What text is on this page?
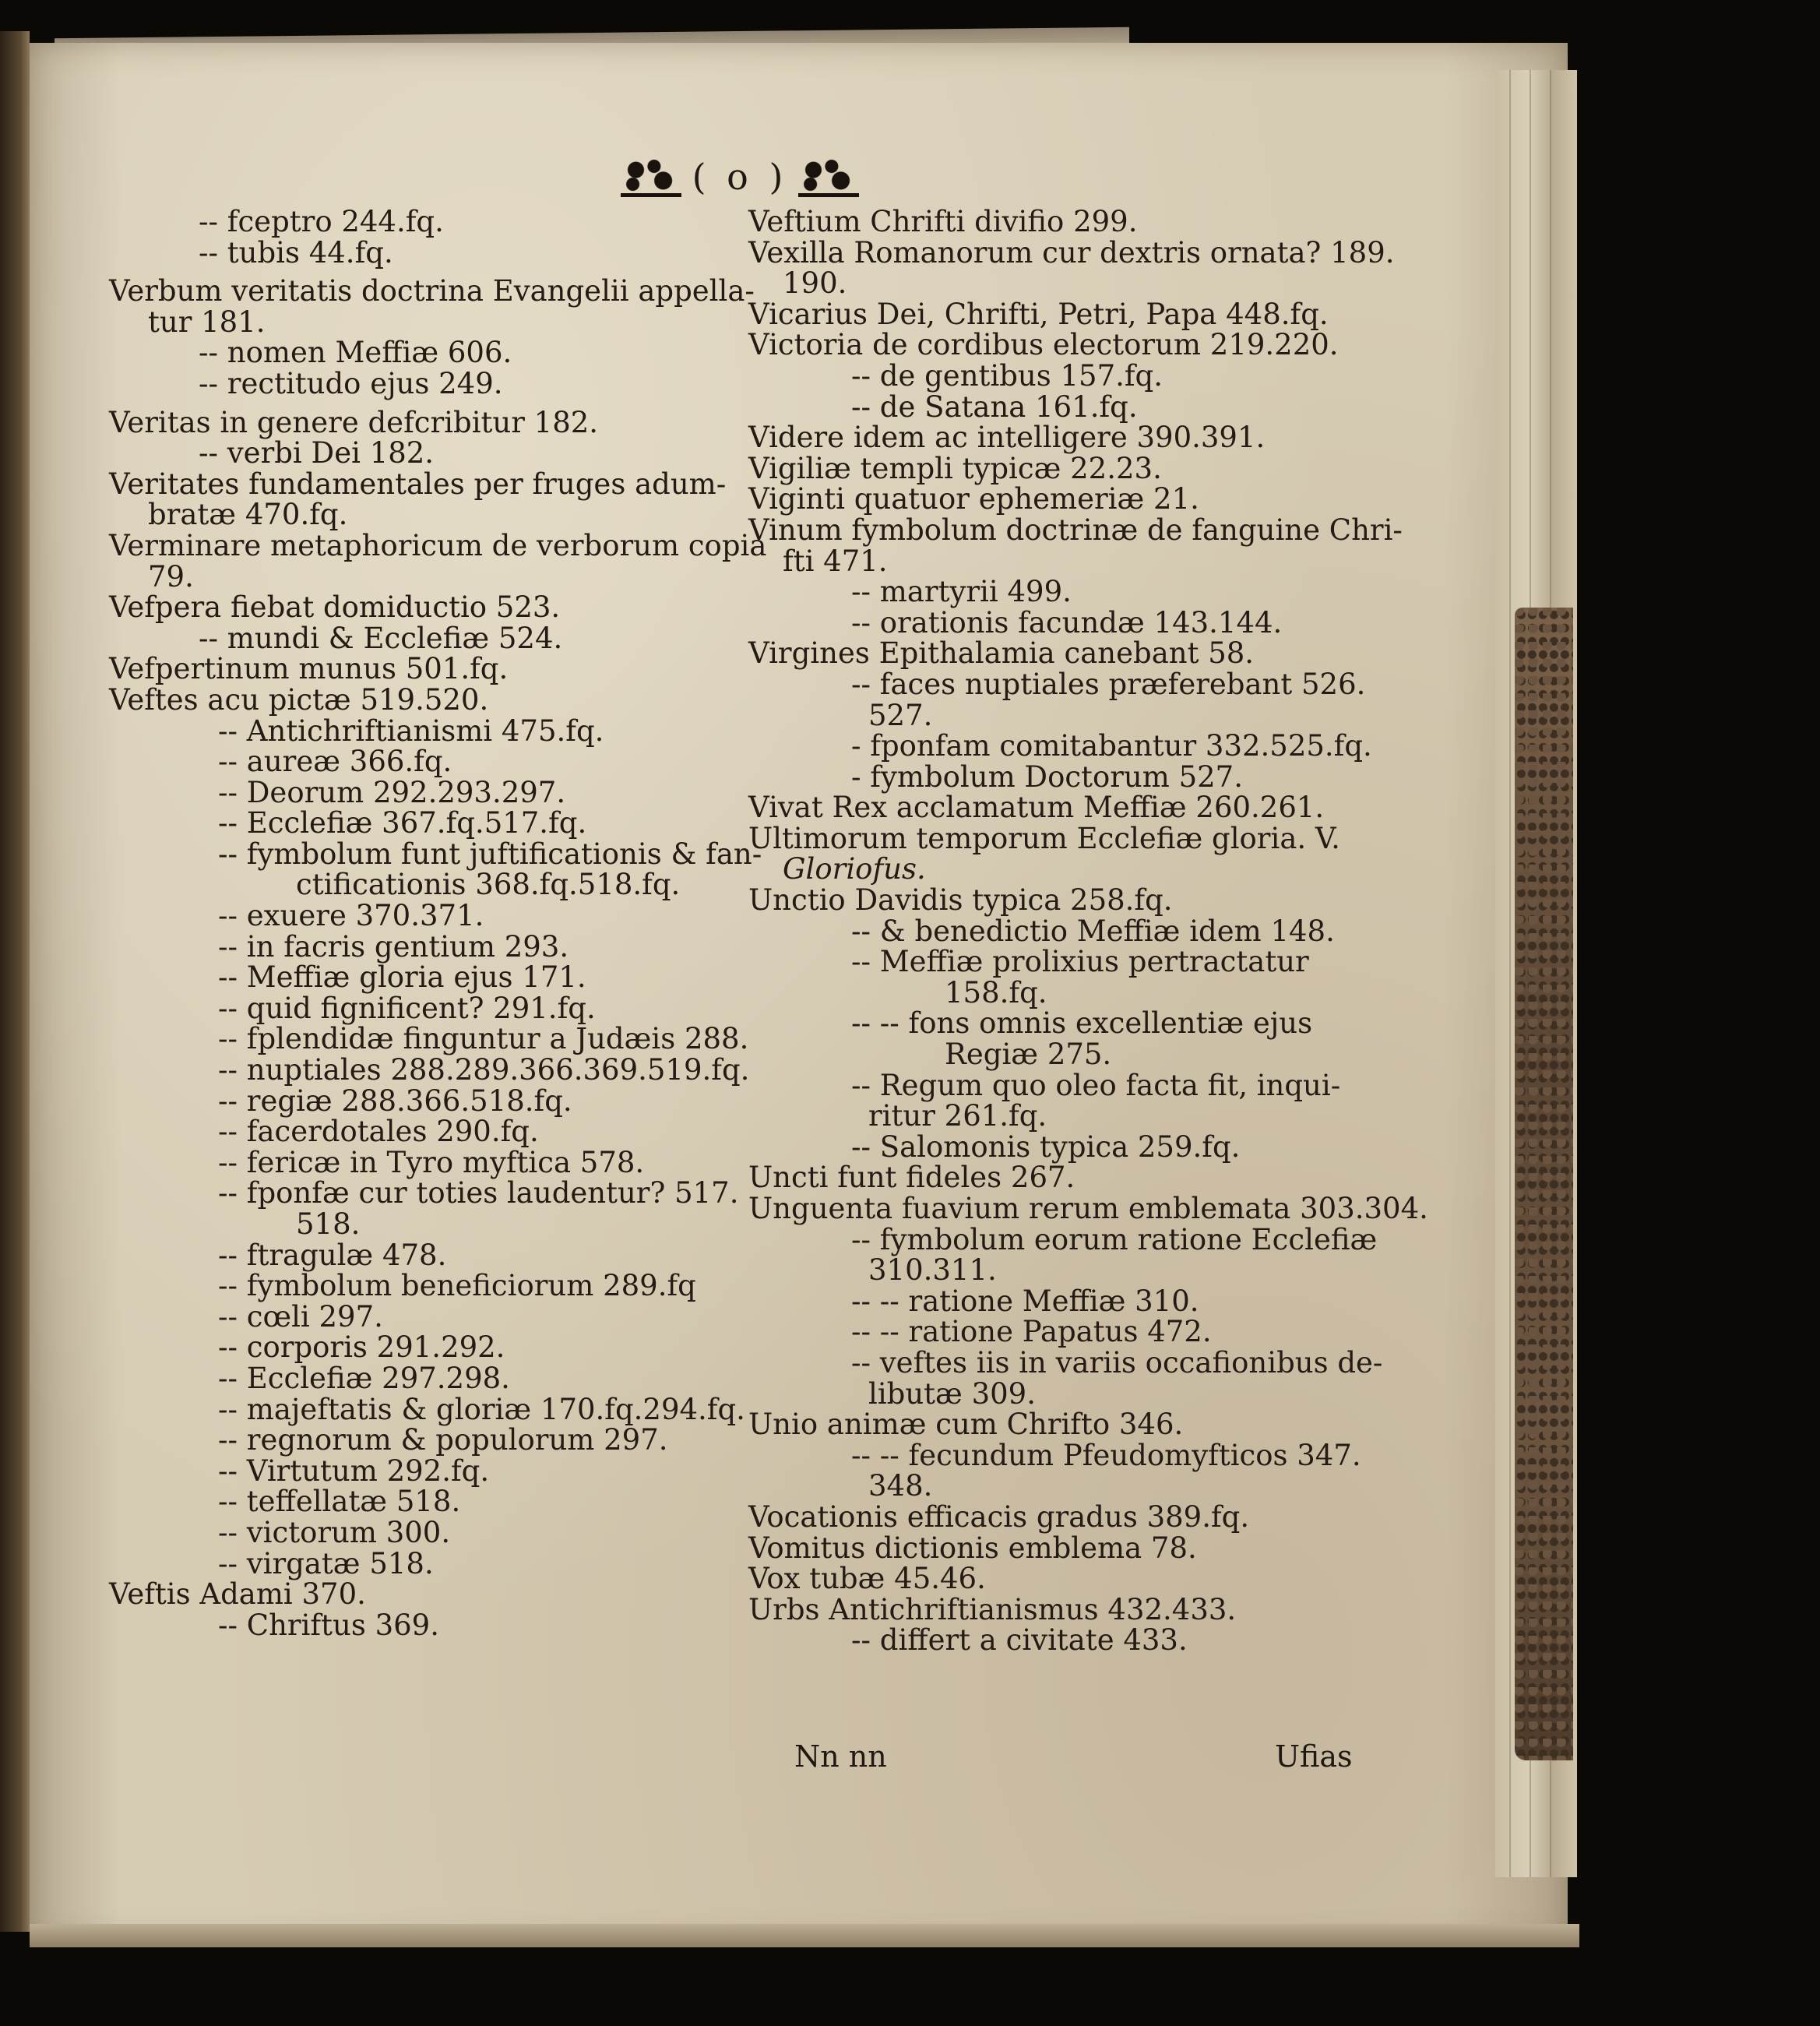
( o )
-- fceptro 244.fq.
-- tubis 44.fq.
Verbum veritatis doctrina Evangelii appella-
tur 181.
-- nomen Meffiæ 606.
-- rectitudo ejus 249.
Veritas in genere defcribitur 182.
-- verbi Dei 182.
Veritates fundamentales per fruges adum-
bratæ 470.fq.
Verminare metaphoricum de verborum copia
79.
Vefpera fiebat domiductio 523.
-- mundi & Ecclefiæ 524.
Vefpertinum munus 501.fq.
Veftes acu pictæ 519.520.
-- Antichriftianismi 475.fq.
-- aureæ 366.fq.
-- Deorum 292.293.297.
-- Ecclefiæ 367.fq.517.fq.
-- fymbolum funt juftificationis & fan-
ctificationis 368.fq.518.fq.
-- exuere 370.371.
-- in facris gentium 293.
-- Meffiæ gloria ejus 171.
-- quid fignificent? 291.fq.
-- fplendidæ finguntur a Judæis 288.
-- nuptiales 288.289.366.369.519.fq.
-- regiæ 288.366.518.fq.
-- facerdotales 290.fq.
-- fericæ in Tyro myftica 578.
-- fponfæ cur toties laudentur? 517.
518.
-- ftragulæ 478.
-- fymbolum beneficiorum 289.fq
-- cœli 297.
-- corporis 291.292.
-- Ecclefiæ 297.298.
-- majeftatis & gloriæ 170.fq.294.fq.
-- regnorum & populorum 297.
-- Virtutum 292.fq.
-- teffellatæ 518.
-- victorum 300.
-- virgatæ 518.
Veftis Adami 370.
-- Chriftus 369.
Veftium Chrifti divifio 299.
Vexilla Romanorum cur dextris ornata? 189.
190.
Vicarius Dei, Chrifti, Petri, Papa 448.fq.
Victoria de cordibus electorum 219.220.
-- de gentibus 157.fq.
-- de Satana 161.fq.
Videre idem ac intelligere 390.391.
Vigiliæ templi typicæ 22.23.
Viginti quatuor ephemeriæ 21.
Vinum fymbolum doctrinæ de fanguine Chri-
fti 471.
-- martyrii 499.
-- orationis facundæ 143.144.
Virgines Epithalamia canebant 58.
-- faces nuptiales præferebant 526.
527.
- fponfam comitabantur 332.525.fq.
- fymbolum Doctorum 527.
Vivat Rex acclamatum Meffiæ 260.261.
Ultimorum temporum Ecclefiæ gloria. V.
Gloriofus.
Unctio Davidis typica 258.fq.
-- & benedictio Meffiæ idem 148.
-- Meffiæ prolixius pertractatur
158.fq.
-- -- fons omnis excellentiæ ejus
Regiæ 275.
-- Regum quo oleo facta fit, inqui-
ritur 261.fq.
-- Salomonis typica 259.fq.
Uncti funt fideles 267.
Unguenta fuavium rerum emblemata 303.304.
-- fymbolum eorum ratione Ecclefiæ
310.311.
-- -- ratione Meffiæ 310.
-- -- ratione Papatus 472.
-- veftes iis in variis occafionibus de-
libutæ 309.
Unio animæ cum Chrifto 346.
-- -- fecundum Pfeudomyfticos 347.
348.
Vocationis efficacis gradus 389.fq.
Vomitus dictionis emblema 78.
Vox tubæ 45.46.
Urbs Antichriftianismus 432.433.
-- differt a civitate 433.
Nn nn	Ufias
